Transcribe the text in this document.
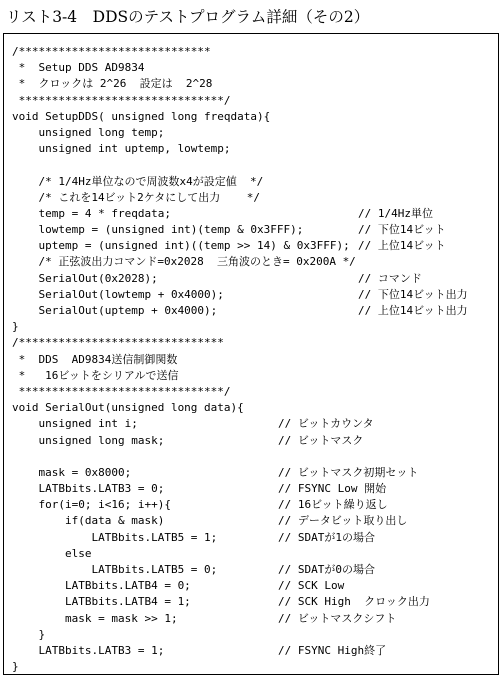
リスト3-4　DDSのテストプログラム詳細（その2）
/*****************************
*  Setup DDS AD9834
*  クロックは 2^26  設定は  2^28
*******************************/
void SetupDDS( unsigned long freqdata){
unsigned long temp;
unsigned int uptemp, lowtemp;
/* 1/4Hz単位なので周波数x4が設定値  */
/* これを14ビット2ケタにして出力    */
temp = 4 * freqdata;	// 1/4Hz単位
lowtemp = (unsigned int)(temp & 0x3FFF);	// 下位14ビット
uptemp = (unsigned int)((temp >> 14) & 0x3FFF); // 上位14ビット
/* 正弦波出力コマンド=0x2028  三角波のとき= 0x200A */
SerialOut(0x2028);	// コマンド
SerialOut(lowtemp + 0x4000);	// 下位14ビット出力
SerialOut(uptemp + 0x4000);	// 上位14ビット出力
}
/*******************************
*  DDS  AD9834送信制御関数
*   16ビットをシリアルで送信
*******************************/
void SerialOut(unsigned long data){
unsigned int i;	// ビットカウンタ
unsigned long mask;	// ビットマスク
mask = 0x8000;	// ビットマスク初期セット
LATBbits.LATB3 = 0;	// FSYNC Low 開始
for(i=0; i<16; i++){	// 16ビット繰り返し
if(data & mask)	// データビット取り出し
LATBbits.LATB5 = 1;	// SDATが1の場合
else
LATBbits.LATB5 = 0;	// SDATが0の場合
LATBbits.LATB4 = 0;	// SCK Low
LATBbits.LATB4 = 1;	// SCK High  クロック出力
mask = mask >> 1;	// ビットマスクシフト
}
LATBbits.LATB3 = 1;	// FSYNC High終了
}
